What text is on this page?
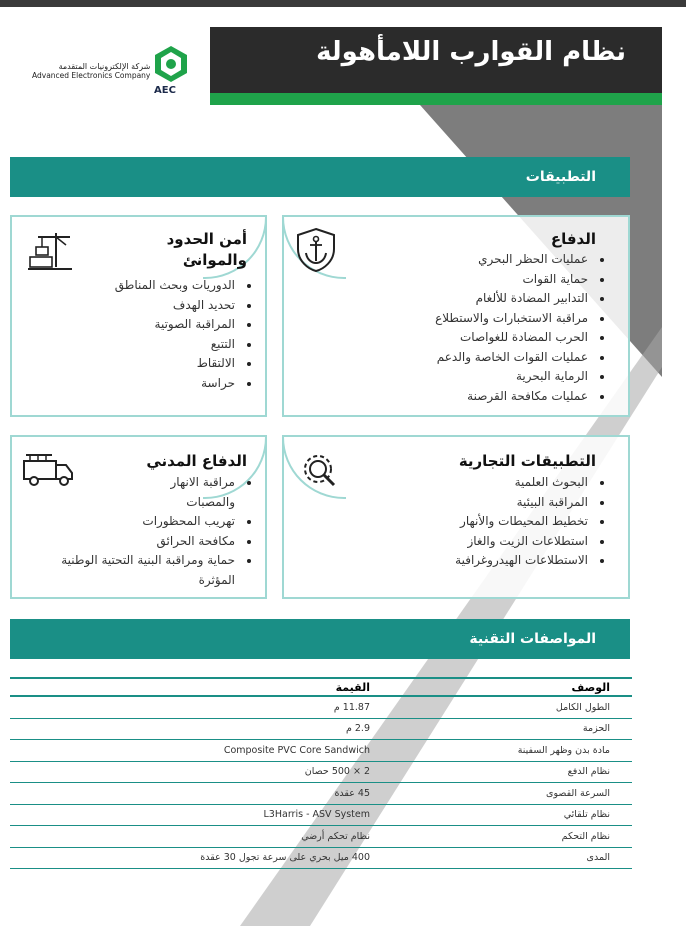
نظام القوارب اللامأهولة
شركة الإلكترونيات المتقدمة
Advanced Electronics Company
AEC
التطبيقات
الدفاع
عمليات الحظر البحري
حماية القوات
التدابير المضادة للألغام
مراقبة الاستخبارات والاستطلاع
الحرب المضادة للغواصات
عمليات القوات الخاصة والدعم
الرماية البحرية
عمليات مكافحة القرصنة
أمن الحدود
والموانئ
الدوريات وبحث المناطق
تحديد الهدف
المراقبة الصوتية
التتبع
الالتقاط
حراسة
التطبيقات التجارية
البحوث العلمية
المراقبة البيئية
تخطيط المحيطات والأنهار
استطلاعات الزيت والغاز
الاستطلاعات الهيدروغرافية
الدفاع المدني
مراقبة الانهار
والمصبات
تهريب المحظورات
مكافحة الحرائق
حماية ومراقبة البنية التحتية الوطنية
المؤثرة
المواصفات التقنية
الوصف	القيمة
الطول الكامل	11.87 م
الحزمة	2.9 م
مادة بدن وظهر السفينة	Composite PVC Core Sandwich
نظام الدفع	2 × 500 حصان
السرعة القصوى	45 عقدة
نظام تلقائي	L3Harris - ASV System
نظام التحكم	نظام تحكم أرضي
المدى	400 ميل بحري على سرعة تجول 30 عقدة
